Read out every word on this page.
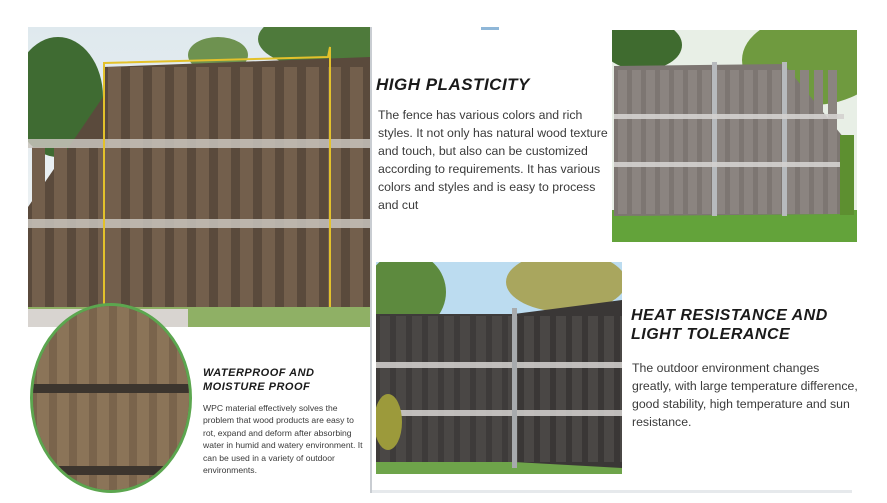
WATERPROOF AND
MOISTURE PROOF
WPC material effectively solves the problem that wood products are easy to rot, expand and deform after absorbing water in humid and watery environment. It can be used in a variety of outdoor environments.
HIGH PLASTICITY
The fence has various colors and rich styles. It not only has natural wood texture and touch, but also can be customized according to requirements. It has various colors and styles and is easy to process and cut
HEAT RESISTANCE AND
LIGHT TOLERANCE
The outdoor environment changes greatly, with large temperature difference, good stability, high temperature and sun resistance.
